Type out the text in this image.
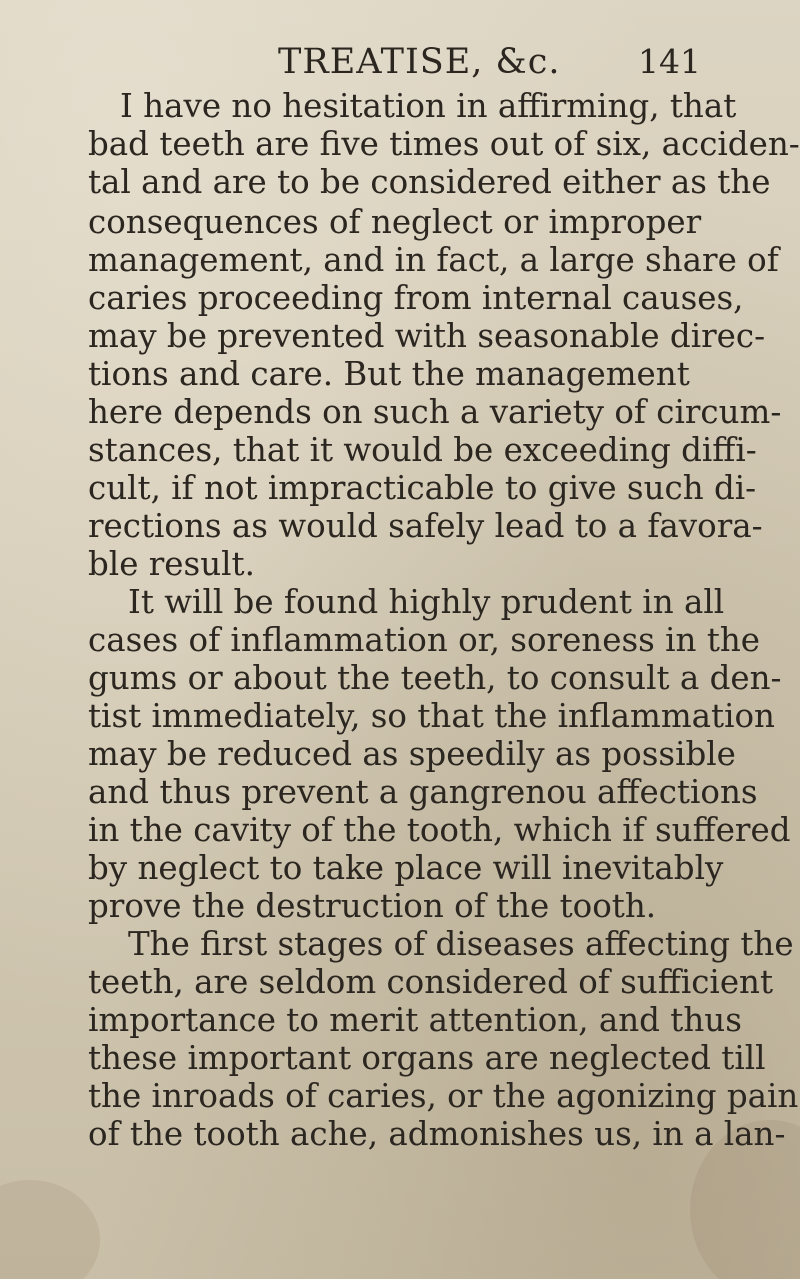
TREATISE, &c. 141
I have no hesitation in affirming, that
bad teeth are five times out of six, acciden-
tal and are to be considered either as the
consequences of neglect or improper
management, and in fact, a large share of
caries proceeding from internal causes,
may be prevented with seasonable direc-
tions and care. But the management
here depends on such a variety of circum-
stances, that it would be exceeding diffi-
cult, if not impracticable to give such di-
rections as would safely lead to a favora-
ble result.
It will be found highly prudent in all
cases of inflammation or, soreness in the
gums or about the teeth, to consult a den-
tist immediately, so that the inflammation
may be reduced as speedily as possible
and thus prevent a gangrenou affections
in the cavity of the tooth, which if suffered
by neglect to take place will inevitably
prove the destruction of the tooth.
The first stages of diseases affecting the
teeth, are seldom considered of sufficient
importance to merit attention, and thus
these important organs are neglected till
the inroads of caries, or the agonizing pain
of the tooth ache, admonishes us, in a lan-
